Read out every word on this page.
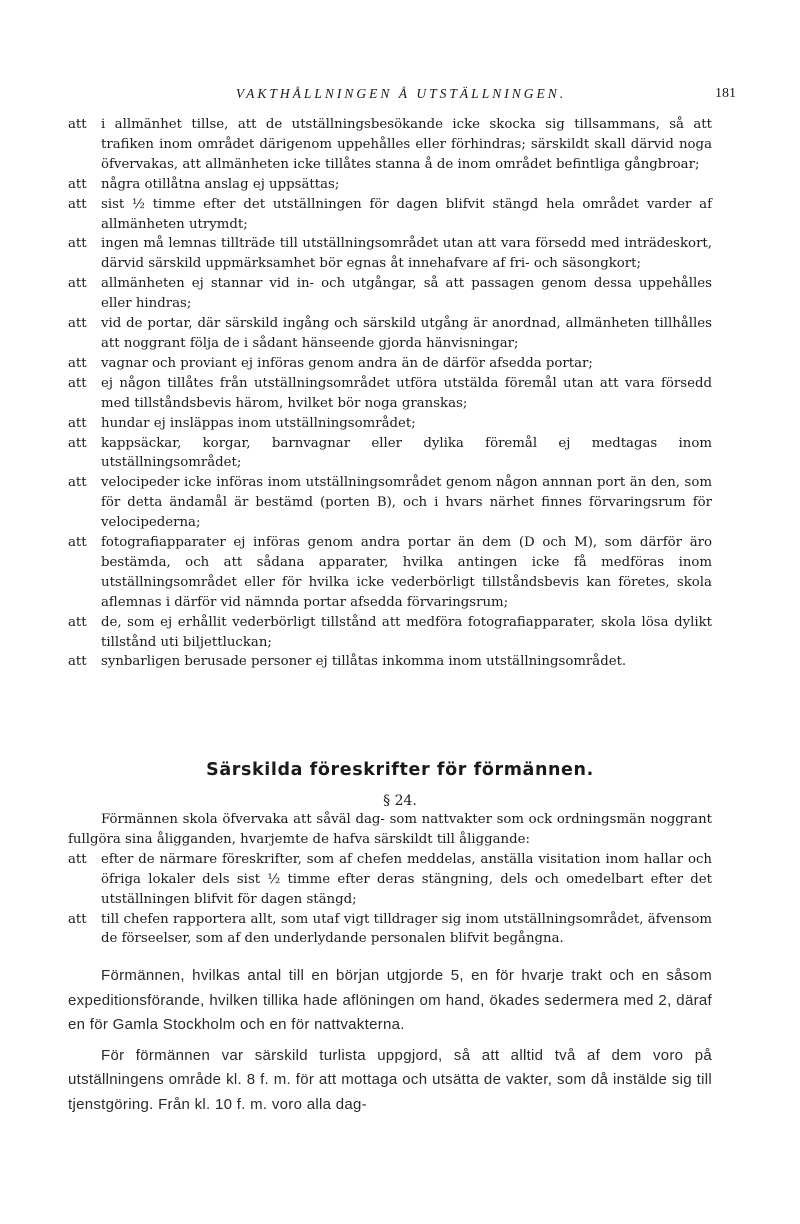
VAKTHÅLLNINGEN Å UTSTÄLLNINGEN.	181
att i allmänhet tillse, att de utställningsbesökande icke skocka sig tillsammans, så att trafiken inom området därigenom uppehålles eller förhindras; särskildt skall därvid noga öfvervakas, att allmänheten icke tillåtes stanna å de inom området befintliga gångbroar;
att några otillåtna anslag ej uppsättas;
att sist ½ timme efter det utställningen för dagen blifvit stängd hela området varder af allmänheten utrymdt;
att ingen må lemnas tillträde till utställningsområdet utan att vara försedd med inträdeskort, därvid särskild uppmärksamhet bör egnas åt innehafvare af fri- och säsongkort;
att allmänheten ej stannar vid in- och utgångar, så att passagen genom dessa uppehålles eller hindras;
att vid de portar, där särskild ingång och särskild utgång är anordnad, allmänheten tillhålles att noggrant följa de i sådant hänseende gjorda hänvisningar;
att vagnar och proviant ej införas genom andra än de därför afsedda portar;
att ej någon tillåtes från utställningsområdet utföra utstälda föremål utan att vara försedd med tillståndsbevis härom, hvilket bör noga granskas;
att hundar ej insläppas inom utställningsområdet;
att kappsäckar, korgar, barnvagnar eller dylika föremål ej medtagas inom utställningsområdet;
att velocipeder icke införas inom utställningsområdet genom någon annnan port än den, som för detta ändamål är bestämd (porten B), och i hvars närhet finnes förvaringsrum för velocipederna;
att fotografiapparater ej införas genom andra portar än dem (D och M), som därför äro bestämda, och att sådana apparater, hvilka antingen icke få medföras inom utställningsområdet eller för hvilka icke vederbörligt tillståndsbevis kan företes, skola aflemnas i därför vid nämnda portar afsedda förvaringsrum;
att de, som ej erhållit vederbörligt tillstånd att medföra fotografiapparater, skola lösa dylikt tillstånd uti biljettluckan;
att synbarligen berusade personer ej tillåtas inkomma inom utställningsområdet.
Särskilda föreskrifter för förmännen.
§ 24.
Förmännen skola öfvervaka att såväl dag- som nattvakter som ock ordningsmän noggrant fullgöra sina åligganden, hvarjemte de hafva särskildt till åliggande:
att efter de närmare föreskrifter, som af chefen meddelas, anställa visitation inom hallar och öfriga lokaler dels sist ½ timme efter deras stängning, dels och omedelbart efter det utställningen blifvit för dagen stängd;
att till chefen rapportera allt, som utaf vigt tilldrager sig inom utställningsområdet, äfvensom de förseelser, som af den underlydande personalen blifvit begångna.

Förmännen, hvilkas antal till en början utgjorde 5, en för hvarje trakt och en såsom expeditionsförande, hvilken tillika hade aflöningen om hand, ökades sedermera med 2, däraf en för Gamla Stockholm och en för nattvakterna.

För förmännen var särskild turlista uppgjord, så att alltid två af dem voro på utställningens område kl. 8 f. m. för att mottaga och utsätta de vakter, som då instälde sig till tjenstgöring. Från kl. 10 f. m. voro alla dag-
